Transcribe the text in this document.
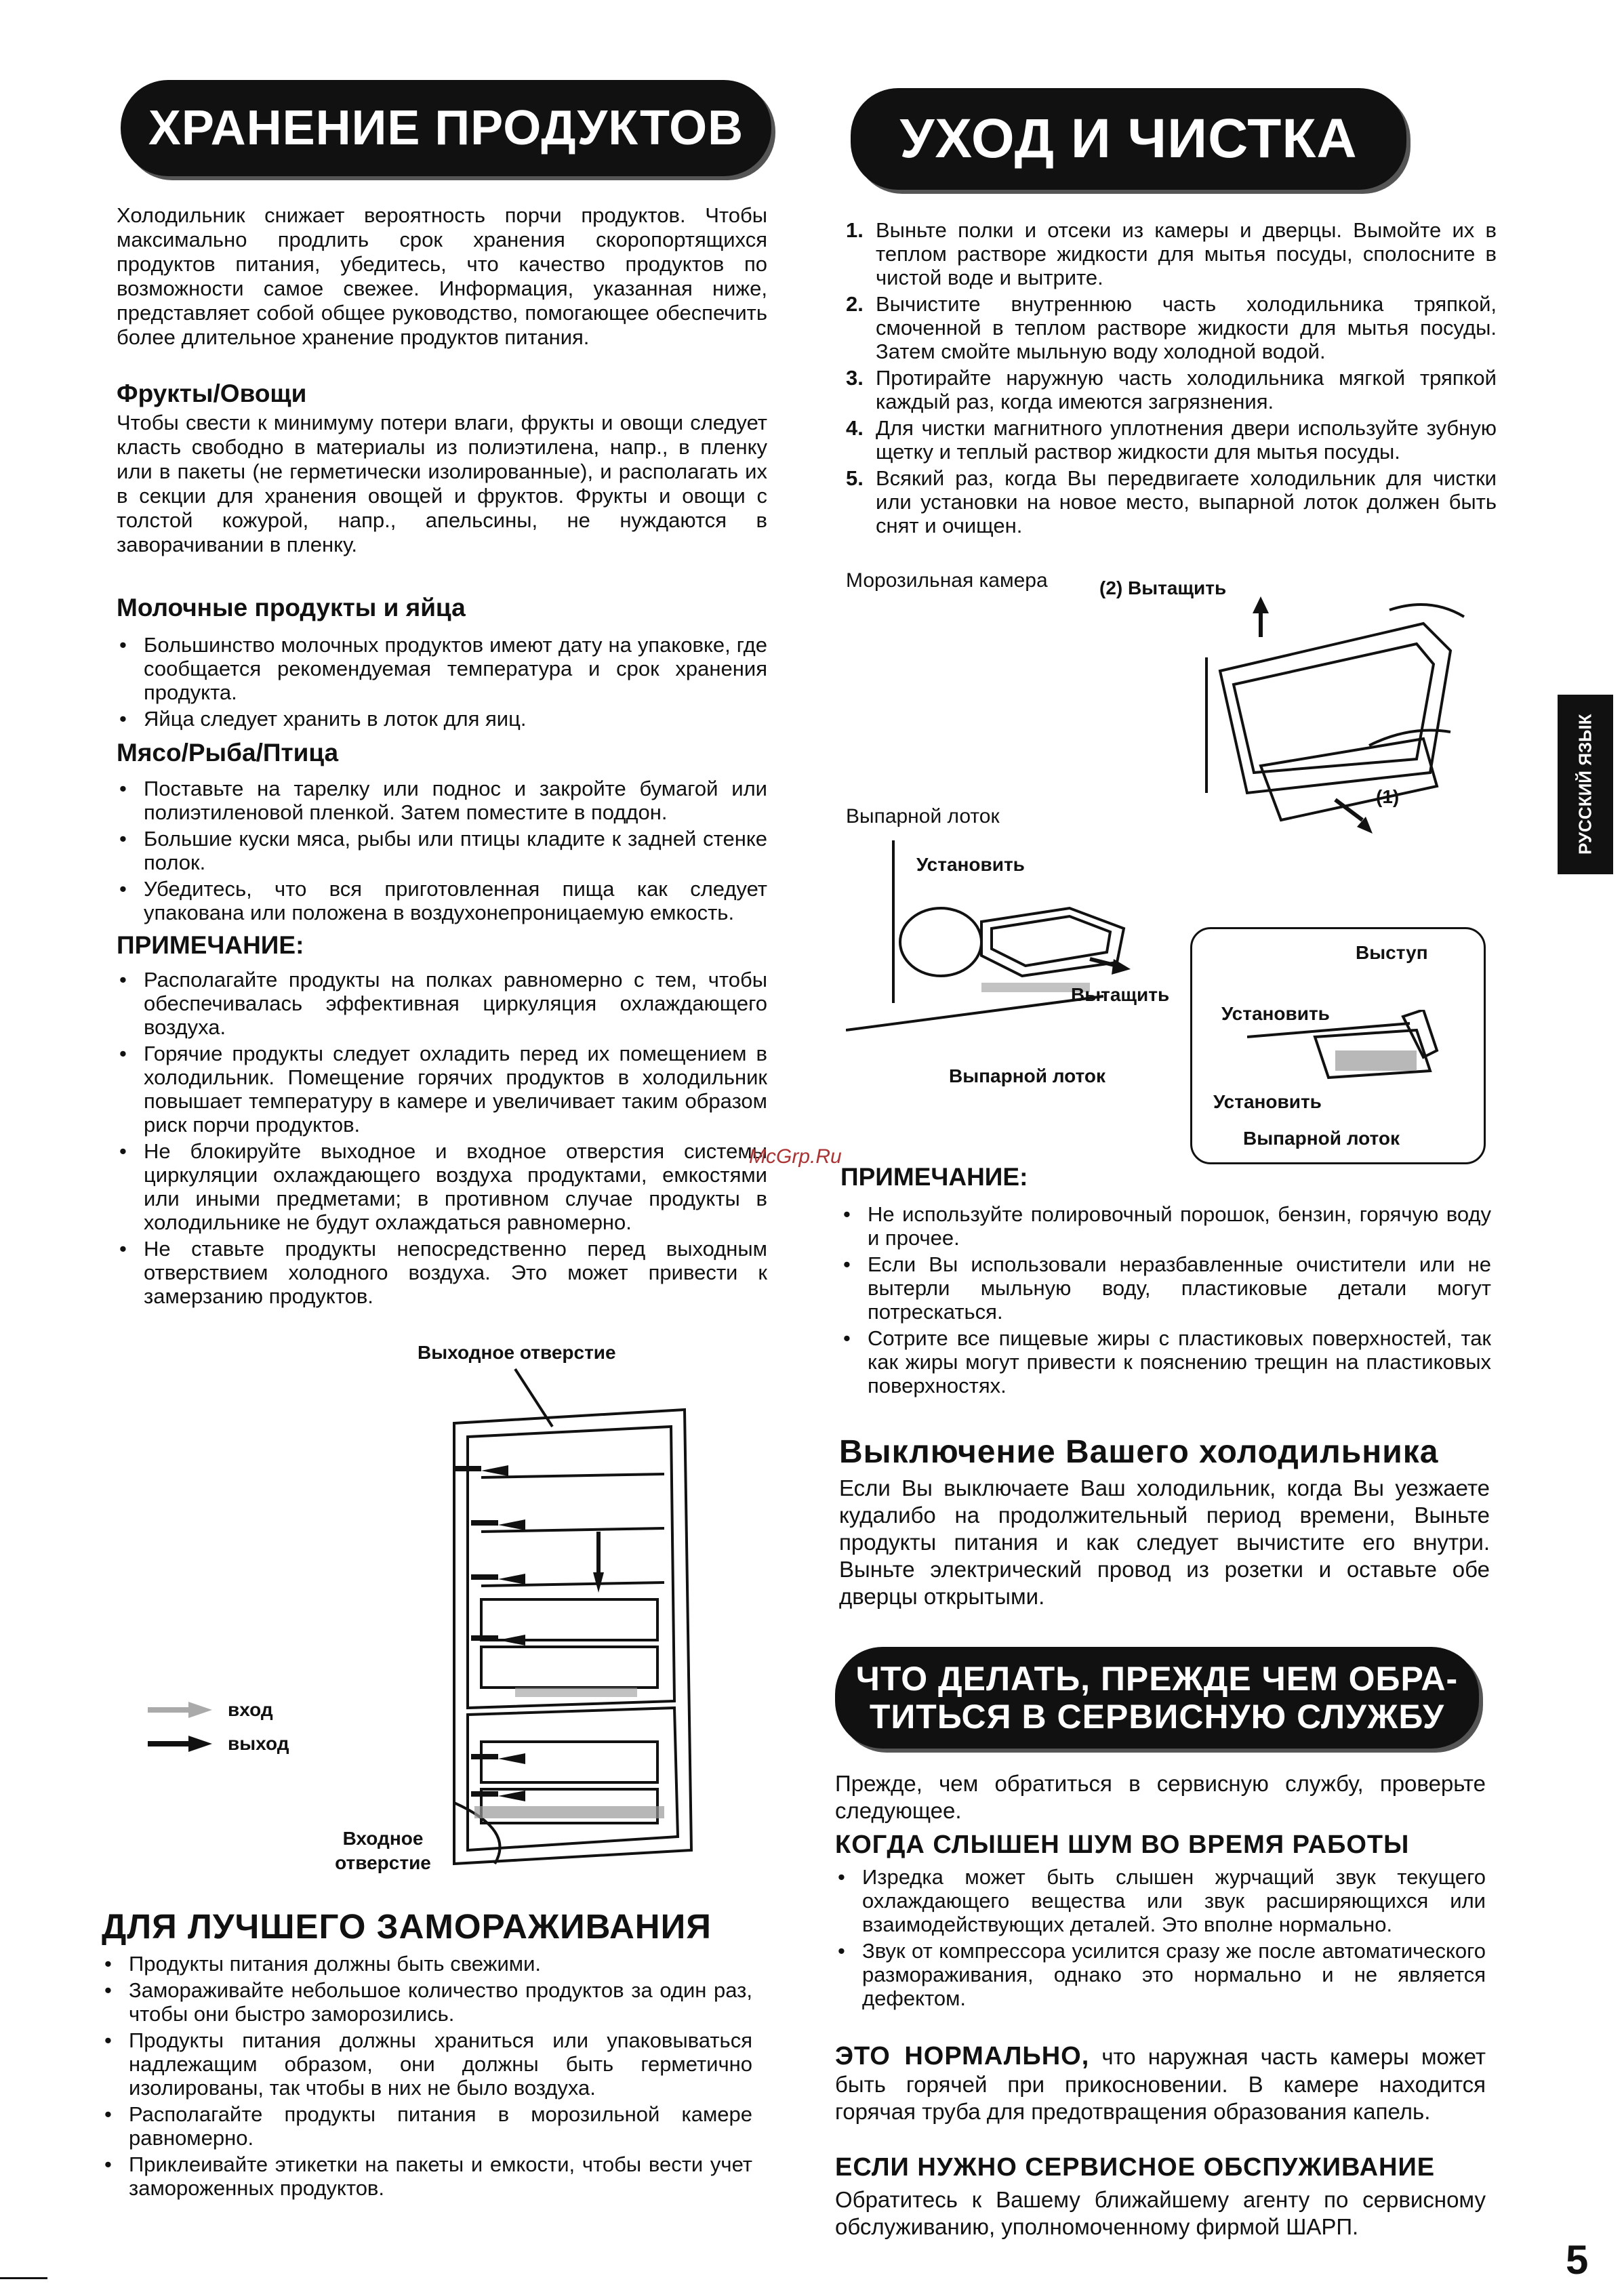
ХРАНЕНИЕ ПРОДУКТОВ
Холодильник снижает вероятность порчи продуктов. Чтобы максимально продлить срок хранения скоропортящихся продуктов питания, убедитесь, что качество продуктов по возможности самое свежее. Информация, указанная ниже, представляет собой общее руководство, помогающее обеспечить более длительное хранение продуктов питания.
Фрукты/Овощи
Чтобы свести к минимуму потери влаги, фрукты и овощи следует класть свободно в материалы из полиэтилена, напр., в пленку или в пакеты (не герметически изолированные), и располагать их в секции для хранения овощей и фруктов. Фрукты и овощи с толстой кожурой, напр., апельсины, не нуждаются в заворачивании в пленку.
Молочные продукты и яйца
• Большинство молочных продуктов имеют дату на упаковке, где сообщается рекомендуемая температура и срок хранения продукта.
• Яйца следует хранить в лоток для яиц.
Мясо/Рыба/Птица
• Поставьте на тарелку или поднос и закройте бумагой или полиэтиленовой пленкой. Затем поместите в поддон.
• Большие куски мяса, рыбы или птицы кладите к задней стенке полок.
• Убедитесь, что вся приготовленная пища как следует упакована или положена в воздухонепроницаемую емкость.
ПРИМЕЧАНИЕ:
• Располагайте продукты на полках равномерно с тем, чтобы обеспечивалась эффективная циркуляция охлаждающего воздуха.
• Горячие продукты следует охладить перед их помещением в холодильник. Помещение горячих продуктов в холодильник повышает температуру в камере и увеличивает таким образом риск порчи продуктов.
• Не блокируйте выходное и входное отверстия системы циркуляции охлаждающего воздуха продуктами, емкостями или иными предметами; в противном случае продукты в холодильнике не будут охлаждаться равномерно.
• Не ставьте продукты непосредственно перед выходным отверствием холодного воздуха. Это может привести к замерзанию продуктов.
Выходное отверстие
вход
выход
Входное отверстие
ДЛЯ ЛУЧШЕГО ЗАМОРАЖИВАНИЯ
• Продукты питания должны быть свежими.
• Замораживайте небольшое количество продуктов за один раз, чтобы они быстро заморозились.
• Продукты питания должны храниться или упаковываться надлежащим образом, они должны быть герметично изолированы, так чтобы в них не было воздуха.
• Располагайте продукты питания в морозильной камере равномерно.
• Приклеивайте этикетки на пакеты и емкости, чтобы вести учет замороженных продуктов.
УХОД И ЧИСТКА
1. Выньте полки и отсеки из камеры и дверцы. Вымойте их в теплом растворе жидкости для мытья посуды, сполосните в чистой воде и вытрите.
2. Вычистите внутреннюю часть холодильника тряпкой, смоченной в теплом растворе жидкости для мытья посуды. Затем смойте мыльную воду холодной водой.
3. Протирайте наружную часть холодильника мягкой тряпкой каждый раз, когда имеются загрязнения.
4. Для чистки магнитного уплотнения двери используйте зубную щетку и теплый раствор жидкости для мытья посуды.
5. Всякий раз, когда Вы передвигаете холодильник для чистки или установки на новое место, выпарной лоток должен быть снят и очищен.
Морозильная камера	(2) Вытащить
(1)
Выпарной лоток
Установить
Вытащить
Выпарной лоток
Выступ
Установить
Установить
Выпарной лоток
McGrp.Ru
ПРИМЕЧАНИЕ:
• Не используйте полировочный порошок, бензин, горячую воду и прочее.
• Если Вы использовали неразбавленные очистители или не вытерли мыльную воду, пластиковые детали могут потрескаться.
• Сотрите все пищевые жиры с пластиковых поверхностей, так как жиры могут привести к пояснению трещин на пластиковых поверхностях.
Выключение Вашего холодильника
Если Вы выключаете Ваш холодильник, когда Вы уезжаете кудалибо на продолжительный период времени, Выньте продукты питания и как следует вычистите его внутри. Выньте электрический провод из розетки и оставьте обе дверцы открытыми.
ЧТО ДЕЛАТЬ, ПРЕЖДЕ ЧЕМ ОБРА-
ТИТЬСЯ В СЕРВИСНУЮ СЛУЖБУ
Прежде, чем обратиться в сервисную службу, проверьте следующее.
КОГДА СЛЫШЕН ШУМ ВО ВРЕМЯ РАБОТЫ
• Изредка может быть слышен журчащий звук текущего охлаждающего вещества или звук расширяющихся или взаимодействующих деталей. Это вполне нормально.
• Звук от компрессора усилится сразу же после автоматического размораживания, однако это нормально и не является дефектом.
ЭТО НОРМАЛЬНО, что наружная часть камеры может быть горячей при прикосновении. В камере находится горячая труба для предотвращения образования капель.
ЕСЛИ НУЖНО СЕРВИСНОЕ ОБСПУЖИВАНИЕ
Обратитесь к Вашему ближайшему агенту по сервисному обслуживанию, уполномоченному фирмой ШАРП.
РУССКИЙ ЯЗЫК
5
